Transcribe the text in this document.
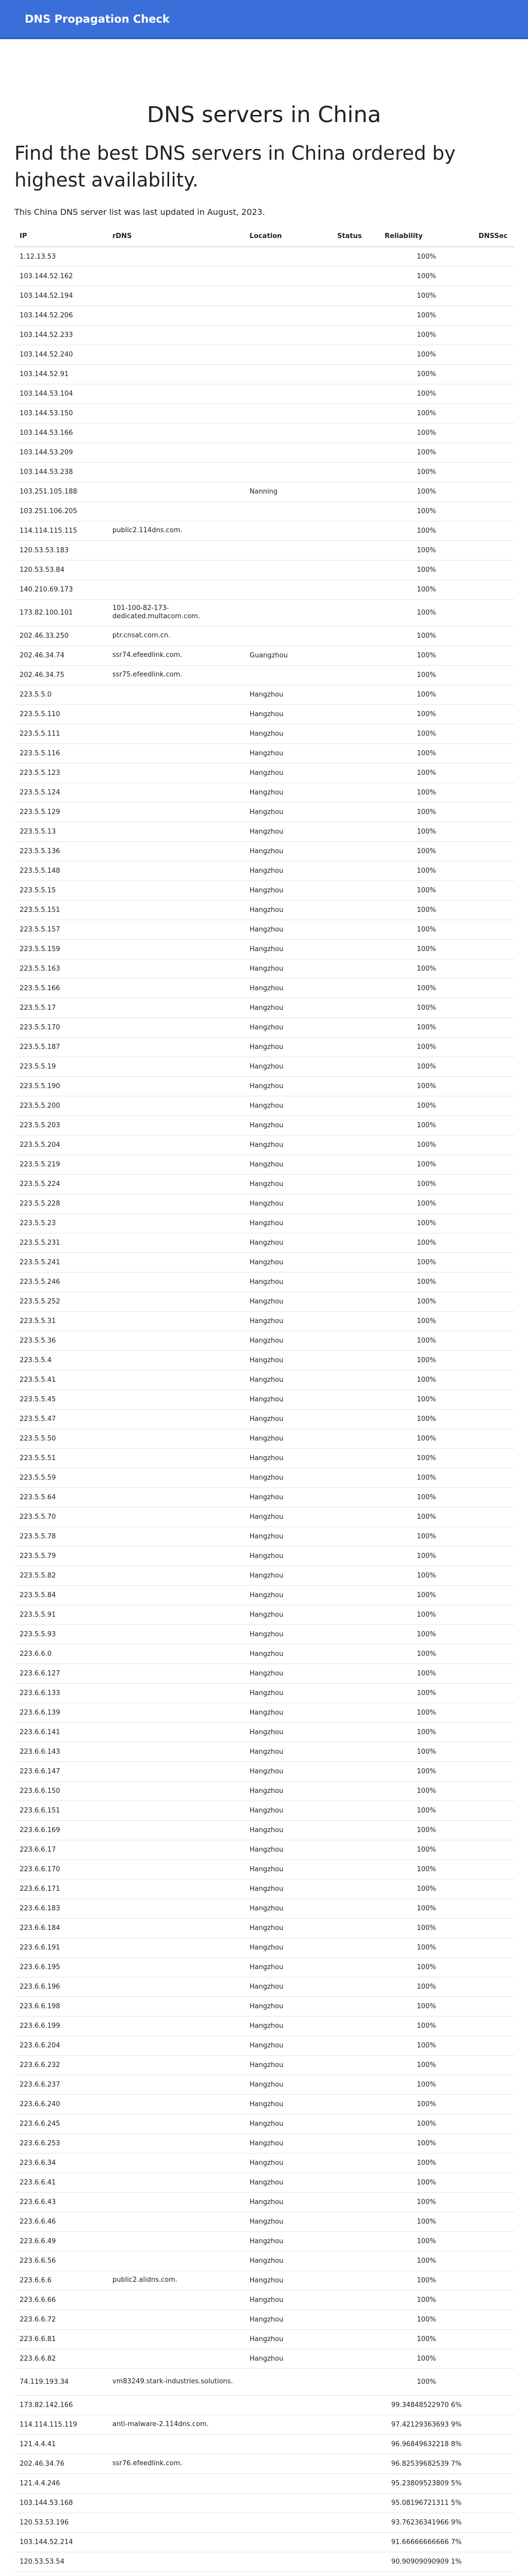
DNS Propagation Check
DNS servers in China
Find the best DNS servers in China ordered by highest availability.

This China DNS server list was last updated in August, 2023.

IP	rDNS	Location	Status	Reliability	DNSSec
1.12.13.53				100%	
103.144.52.162				100%	
103.144.52.194				100%	
103.144.52.206				100%	
103.144.52.233				100%	
103.144.52.240				100%	
103.144.52.91				100%	
103.144.53.104				100%	
103.144.53.150				100%	
103.144.53.166				100%	
103.144.53.209				100%	
103.144.53.238				100%	
103.251.105.188		Nanning		100%	
103.251.106.205				100%	
114.114.115.115	public2.114dns.com.			100%	
120.53.53.183				100%	
120.53.53.84				100%	
140.210.69.173				100%	
173.82.100.101	101-100-82-173-dedicated.multacom.com.			100%	
202.46.33.250	ptr.cnsat.com.cn.			100%	
202.46.34.74	ssr74.efeedlink.com.	Guangzhou		100%	
202.46.34.75	ssr75.efeedlink.com.			100%	
223.5.5.0		Hangzhou		100%	
223.5.5.110		Hangzhou		100%	
223.5.5.111		Hangzhou		100%	
223.5.5.116		Hangzhou		100%	
223.5.5.123		Hangzhou		100%	
223.5.5.124		Hangzhou		100%	
223.5.5.129		Hangzhou		100%	
223.5.5.13		Hangzhou		100%	
223.5.5.136		Hangzhou		100%	
223.5.5.148		Hangzhou		100%	
223.5.5.15		Hangzhou		100%	
223.5.5.151		Hangzhou		100%	
223.5.5.157		Hangzhou		100%	
223.5.5.159		Hangzhou		100%	
223.5.5.163		Hangzhou		100%	
223.5.5.166		Hangzhou		100%	
223.5.5.17		Hangzhou		100%	
223.5.5.170		Hangzhou		100%	
223.5.5.187		Hangzhou		100%	
223.5.5.19		Hangzhou		100%	
223.5.5.190		Hangzhou		100%	
223.5.5.200		Hangzhou		100%	
223.5.5.203		Hangzhou		100%	
223.5.5.204		Hangzhou		100%	
223.5.5.219		Hangzhou		100%	
223.5.5.224		Hangzhou		100%	
223.5.5.228		Hangzhou		100%	
223.5.5.23		Hangzhou		100%	
223.5.5.231		Hangzhou		100%	
223.5.5.241		Hangzhou		100%	
223.5.5.246		Hangzhou		100%	
223.5.5.252		Hangzhou		100%	
223.5.5.31		Hangzhou		100%	
223.5.5.36		Hangzhou		100%	
223.5.5.4		Hangzhou		100%	
223.5.5.41		Hangzhou		100%	
223.5.5.45		Hangzhou		100%	
223.5.5.47		Hangzhou		100%	
223.5.5.50		Hangzhou		100%	
223.5.5.51		Hangzhou		100%	
223.5.5.59		Hangzhou		100%	
223.5.5.64		Hangzhou		100%	
223.5.5.70		Hangzhou		100%	
223.5.5.78		Hangzhou		100%	
223.5.5.79		Hangzhou		100%	
223.5.5.82		Hangzhou		100%	
223.5.5.84		Hangzhou		100%	
223.5.5.91		Hangzhou		100%	
223.5.5.93		Hangzhou		100%	
223.6.6.0		Hangzhou		100%	
223.6.6.127		Hangzhou		100%	
223.6.6.133		Hangzhou		100%	
223.6.6.139		Hangzhou		100%	
223.6.6.141		Hangzhou		100%	
223.6.6.143		Hangzhou		100%	
223.6.6.147		Hangzhou		100%	
223.6.6.150		Hangzhou		100%	
223.6.6.151		Hangzhou		100%	
223.6.6.169		Hangzhou		100%	
223.6.6.17		Hangzhou		100%	
223.6.6.170		Hangzhou		100%	
223.6.6.171		Hangzhou		100%	
223.6.6.183		Hangzhou		100%	
223.6.6.184		Hangzhou		100%	
223.6.6.191		Hangzhou		100%	
223.6.6.195		Hangzhou		100%	
223.6.6.196		Hangzhou		100%	
223.6.6.198		Hangzhou		100%	
223.6.6.199		Hangzhou		100%	
223.6.6.204		Hangzhou		100%	
223.6.6.232		Hangzhou		100%	
223.6.6.237		Hangzhou		100%	
223.6.6.240		Hangzhou		100%	
223.6.6.245		Hangzhou		100%	
223.6.6.253		Hangzhou		100%	
223.6.6.34		Hangzhou		100%	
223.6.6.41		Hangzhou		100%	
223.6.6.43		Hangzhou		100%	
223.6.6.46		Hangzhou		100%	
223.6.6.49		Hangzhou		100%	
223.6.6.56		Hangzhou		100%	
223.6.6.6	public2.alidns.com.	Hangzhou		100%	
223.6.6.66		Hangzhou		100%	
223.6.6.72		Hangzhou		100%	
223.6.6.81		Hangzhou		100%	
223.6.6.82		Hangzhou		100%	
74.119.193.34	vm83249.stark-industries.solutions.			100%	
173.82.142.166				99.34848522970 6%	
114.114.115.119	anti-malware-2.114dns.com.			97.42129363693 9%	
121.4.4.41				96.96849632218 8%	
202.46.34.76	ssr76.efeedlink.com.			96.82539682539 7%	
121.4.4.246				95.23809523809 5%	
103.144.53.168				95.08196721311 5%	
120.53.53.196				93.76236341966 9%	
103.144.52.214				91.66666666666 7%	
120.53.53.54				90.90909090909 1%	
